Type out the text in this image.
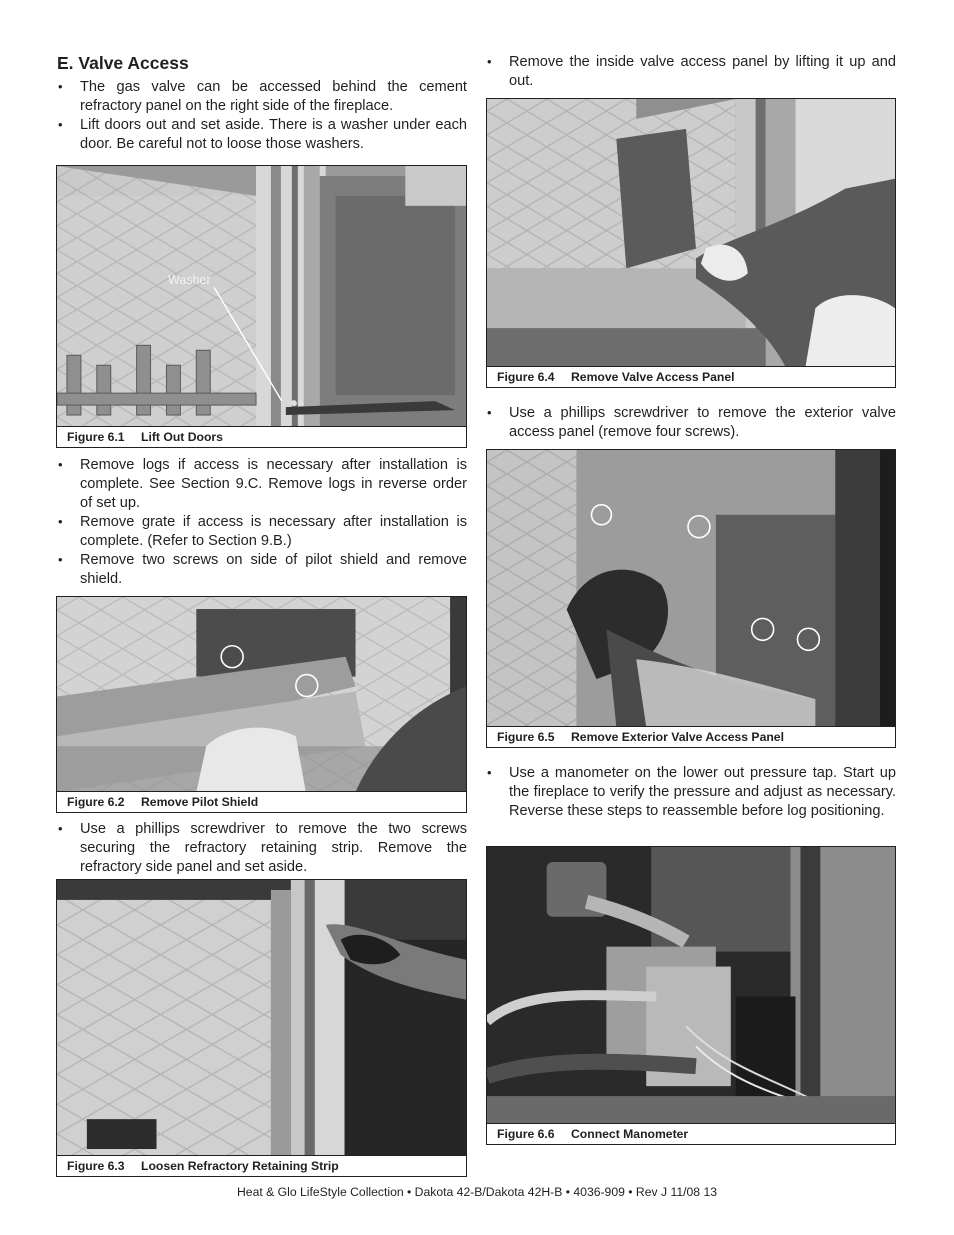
E. Valve Access
• The gas valve can be accessed behind the cement refractory panel on the right side of the fireplace.
• Lift doors out and set aside. There is a washer under each door. Be careful not to loose those washers.
Washer
Figure 6.1 Lift Out Doors
• Remove logs if access is necessary after installation is complete. See Section 9.C. Remove logs in reverse order of set up.
• Remove grate if access is necessary after installation is complete. (Refer to Section 9.B.)
• Remove two screws on side of pilot shield and remove shield.
Figure 6.2 Remove Pilot Shield
• Use a phillips screwdriver to remove the two screws securing the refractory retaining strip. Remove the refractory side panel and set aside.
Figure 6.3 Loosen Refractory Retaining Strip
• Remove the inside valve access panel by lifting it up and out.
Figure 6.4 Remove Valve Access Panel
• Use a phillips screwdriver to remove the exterior valve access panel (remove four screws).
Figure 6.5 Remove Exterior Valve Access Panel
• Use a manometer on the lower out pressure tap. Start up the fireplace to verify the pressure and adjust as necessary. Reverse these steps to reassemble before log positioning.
Figure 6.6 Connect Manometer
Heat & Glo LifeStyle Collection • Dakota 42-B/Dakota 42H-B • 4036-909 • Rev J 11/08 13
